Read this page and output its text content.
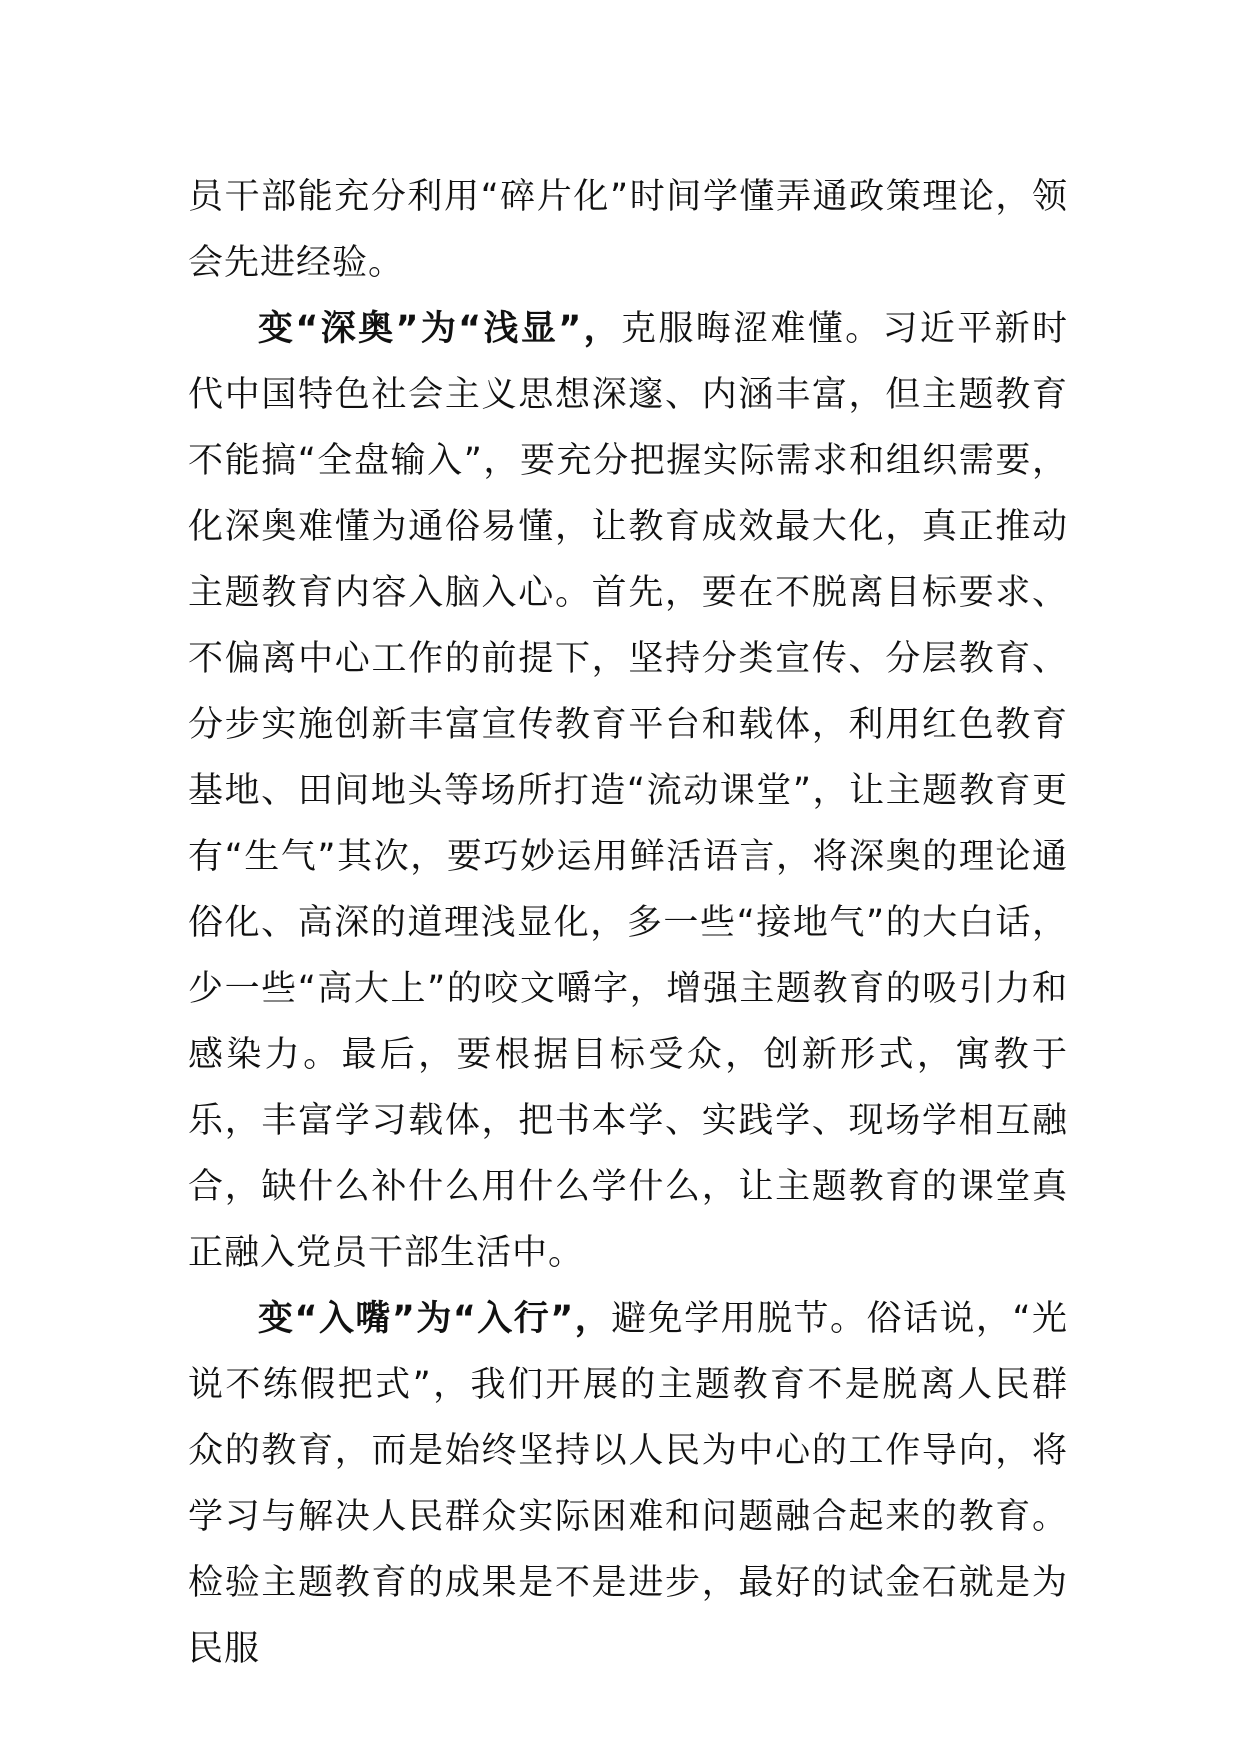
员干部能充分利用“碎片化”时间学懂弄通政策理论，领会先进经验。

变“深奥”为“浅显”，克服晦涩难懂。习近平新时代中国特色社会主义思想深邃、内涵丰富，但主题教育不能搞“全盘输入”，要充分把握实际需求和组织需要，化深奥难懂为通俗易懂，让教育成效最大化，真正推动主题教育内容入脑入心。首先，要在不脱离目标要求、不偏离中心工作的前提下，坚持分类宣传、分层教育、分步实施创新丰富宣传教育平台和载体，利用红色教育基地、田间地头等场所打造“流动课堂”，让主题教育更有“生气”其次，要巧妙运用鲜活语言，将深奥的理论通俗化、高深的道理浅显化，多一些“接地气”的大白话，少一些“高大上”的咬文嚼字，增强主题教育的吸引力和感染力。最后，要根据目标受众，创新形式，寓教于乐，丰富学习载体，把书本学、实践学、现场学相互融合，缺什么补什么用什么学什么，让主题教育的课堂真正融入党员干部生活中。

变“入嘴”为“入行”，避免学用脱节。俗话说，“光说不练假把式”，我们开展的主题教育不是脱离人民群众的教育，而是始终坚持以人民为中心的工作导向，将学习与解决人民群众实际困难和问题融合起来的教育。检验主题教育的成果是不是进步，最好的试金石就是为民服
